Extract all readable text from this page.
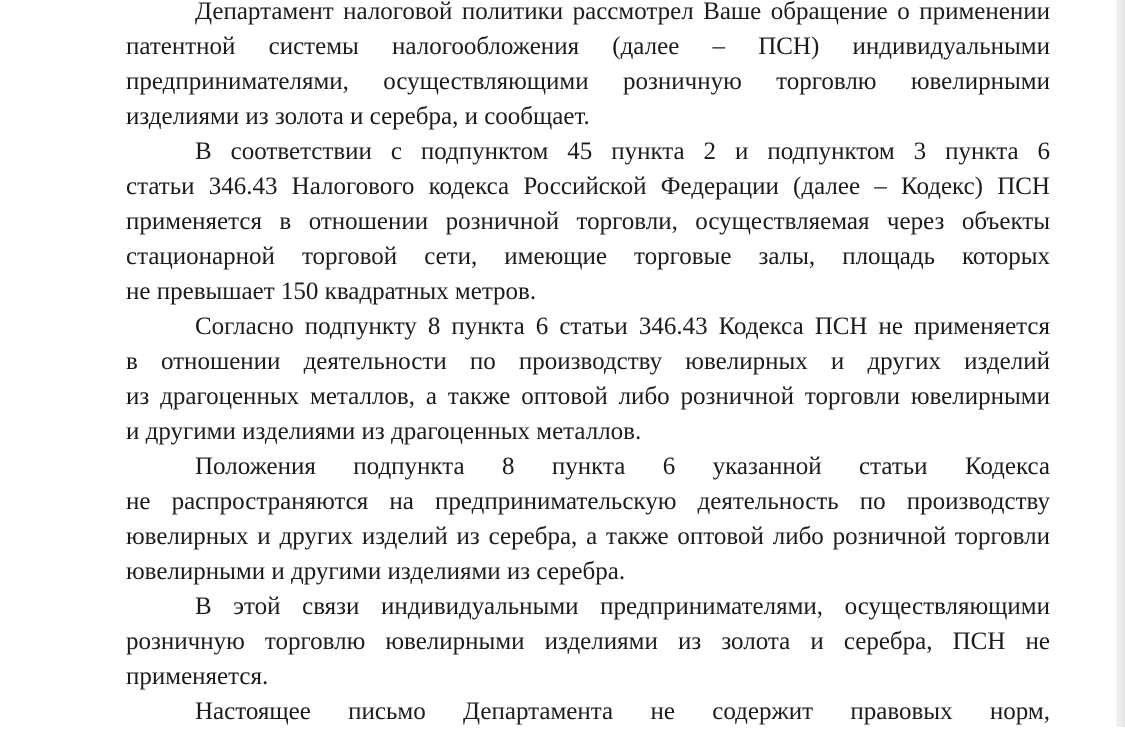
Департамент налоговой политики рассмотрел Ваше обращение о применении
патентной системы налогообложения (далее – ПСН) индивидуальными
предпринимателями, осуществляющими розничную торговлю ювелирными
изделиями из золота и серебра, и сообщает.

В соответствии с подпунктом 45 пункта 2 и подпунктом 3 пункта 6
статьи 346.43 Налогового кодекса Российской Федерации (далее – Кодекс) ПСН
применяется в отношении розничной торговли, осуществляемая через объекты
стационарной торговой сети, имеющие торговые залы, площадь которых
не превышает 150 квадратных метров.

Согласно подпункту 8 пункта 6 статьи 346.43 Кодекса ПСН не применяется
в отношении деятельности по производству ювелирных и других изделий
из драгоценных металлов, а также оптовой либо розничной торговли ювелирными
и другими изделиями из драгоценных металлов.

Положения подпункта 8 пункта 6 указанной статьи Кодекса
не распространяются на предпринимательскую деятельность по производству
ювелирных и других изделий из серебра, а также оптовой либо розничной торговли
ювелирными и другими изделиями из серебра.

В этой связи индивидуальными предпринимателями, осуществляющими
розничную торговлю ювелирными изделиями из золота и серебра, ПСН не
применяется.

Настоящее письмо Департамента не содержит правовых норм,
